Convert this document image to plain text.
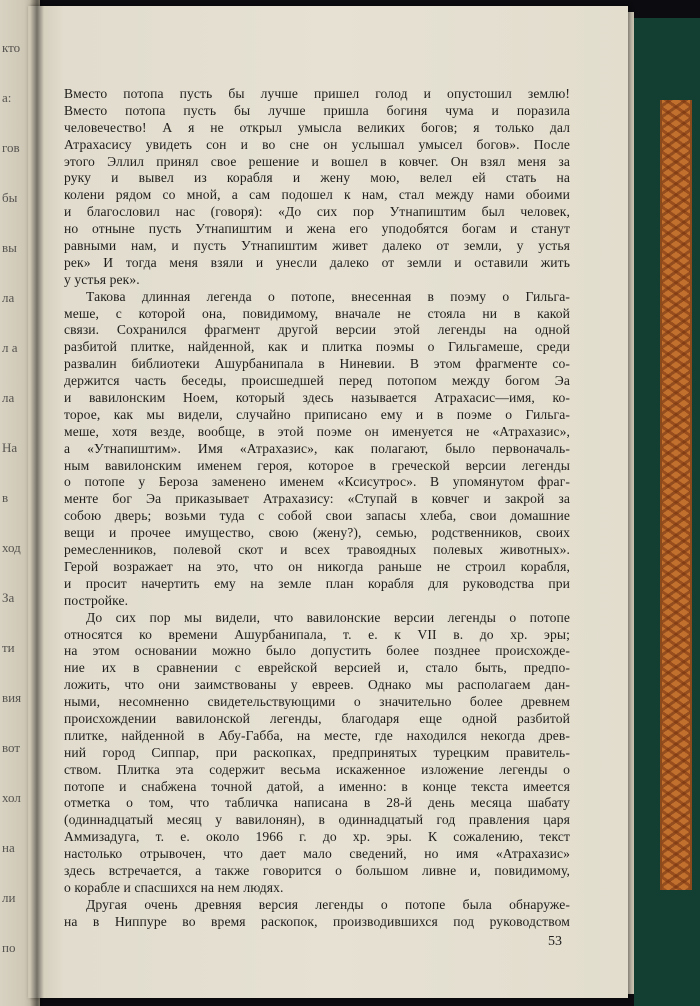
кто
а:
гов
бы
вы
ла
л а
ла
На
в
ход
За
ти
вия
вот
хол
на
ли
по
Вместо потопа пусть бы лучше пришел голод и опустошил землю!
Вместо потопа пусть бы лучше пришла богиня чума и поразила
человечество! А я не открыл умысла великих богов; я только дал
Атрахасису увидеть сон и во сне он услышал умысел богов». После
этого Эллил принял свое решение и вошел в ковчег. Он взял меня за
руку и вывел из корабля и жену мою, велел ей стать на
колени рядом со мной, а сам подошел к нам, стал между нами обоими
и благословил нас (говоря): «До сих пор Утнапиштим был человек,
но отныне пусть Утнапиштим и жена его уподобятся богам и станут
равными нам, и пусть Утнапиштим живет далеко от земли, у устья
рек» И тогда меня взяли и унесли далеко от земли и оставили жить
у устья рек».
Такова длинная легенда о потопе, внесенная в поэму о Гильга-
меше, с которой она, повидимому, вначале не стояла ни в какой
связи. Сохранился фрагмент другой версии этой легенды на одной
разбитой плитке, найденной, как и плитка поэмы о Гильгамеше, среди
развалин библиотеки Ашурбанипала в Ниневии. В этом фрагменте со-
держится часть беседы, происшедшей перед потопом между богом Эа
и вавилонским Ноем, который здесь называется Атрахасис—имя, ко-
торое, как мы видели, случайно приписано ему и в поэме о Гильга-
меше, хотя везде, вообще, в этой поэме он именуется не «Атрахазис»,
а «Утнапиштим». Имя «Атрахазис», как полагают, было первоначаль-
ным вавилонским именем героя, которое в греческой версии легенды
о потопе у Бероза заменено именем «Ксисутрос». В упомянутом фраг-
менте бог Эа приказывает Атрахазису: «Ступай в ковчег и закрой за
собою дверь; возьми туда с собой свои запасы хлеба, свои домашние
вещи и прочее имущество, свою (жену?), семью, родственников, своих
ремесленников, полевой скот и всех травоядных полевых животных».
Герой возражает на это, что он никогда раньше не строил корабля,
и просит начертить ему на земле план корабля для руководства при
постройке.
До сих пор мы видели, что вавилонские версии легенды о потопе
относятся ко времени Ашурбанипала, т. е. к VII в. до хр. эры;
на этом основании можно было допустить более позднее происхожде-
ние их в сравнении с еврейской версией и, стало быть, предпо-
ложить, что они заимствованы у евреев. Однако мы располагаем дан-
ными, несомненно свидетельствующими о значительно более древнем
происхождении вавилонской легенды, благодаря еще одной разбитой
плитке, найденной в Абу-Габба, на месте, где находился некогда древ-
ний город Сиппар, при раскопках, предпринятых турецким правитель-
ством. Плитка эта содержит весьма искаженное изложение легенды о
потопе и снабжена точной датой, а именно: в конце текста имеется
отметка о том, что табличка написана в 28-й день месяца шабату
(одиннадцатый месяц у вавилонян), в одиннадцатый год правления царя
Аммизадуга, т. е. около 1966 г. до хр. эры. К сожалению, текст
настолько отрывочен, что дает мало сведений, но имя «Атрахазис»
здесь встречается, а также говорится о большом ливне и, повидимому,
о корабле и спасшихся на нем людях.
Другая очень древняя версия легенды о потопе была обнаруже-
на в Ниппуре во время раскопок, производившихся под руководством
53
